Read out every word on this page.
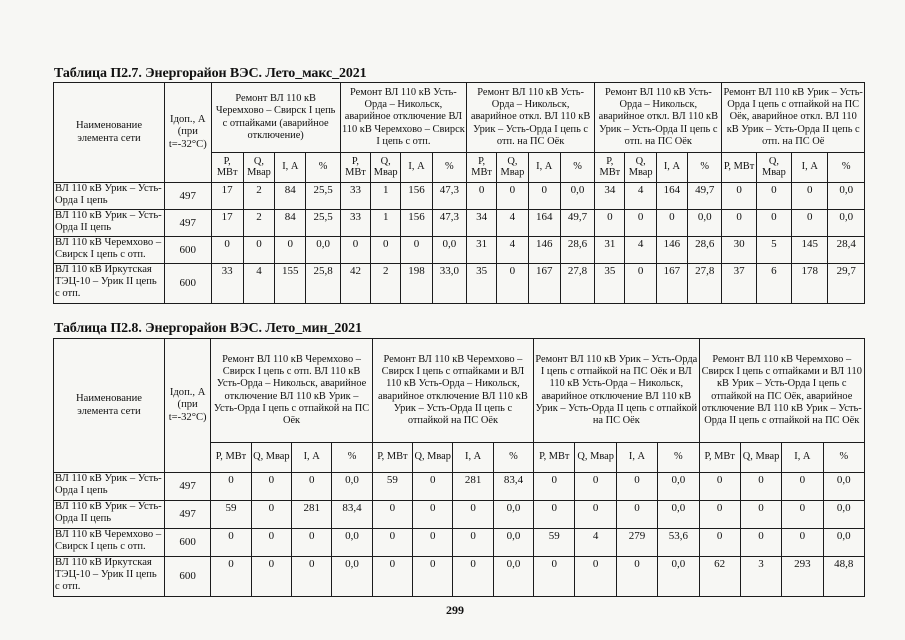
Таблица П2.7. Энергорайон ВЭС. Лето_макс_2021
Наименование элемента сети	Iдоп., А (при t=-32°С)	Ремонт ВЛ 110 кВ Черемхово – Свирск I цепь с отпайками (аварийное отключение)				Ремонт ВЛ 110 кВ Усть-Орда – Никольск, аварийное отключение ВЛ 110 кВ Черемхово – Свирск I цепь с отп.				Ремонт ВЛ 110 кВ Усть-Орда – Никольск, аварийное откл. ВЛ 110 кВ Урик – Усть-Орда I цепь с отп. на ПС Оёк				Ремонт ВЛ 110 кВ Усть-Орда – Никольск, аварийное откл. ВЛ 110 кВ Урик – Усть-Орда II цепь с отп. на ПС Оёк				Ремонт ВЛ 110 кВ Урик – Усть-Орда I цепь с отпайкой на ПС Оёк, аварийное откл. ВЛ 110 кВ Урик – Усть-Орда II цепь с отп. на ПС Оё			
		Р, МВт	Q, Мвар	I, А	%	Р, МВт	Q, Мвар	I, А	%	Р, МВт	Q, Мвар	I, А	%	Р, МВт	Q, Мвар	I, А	%	Р, МВт	Q, Мвар	I, А	%
ВЛ 110 кВ Урик – Усть-Орда I цепь	497	17	2	84	25,5	33	1	156	47,3	0	0	0	0,0	34	4	164	49,7	0	0	0	0,0
ВЛ 110 кВ Урик – Усть-Орда II цепь	497	17	2	84	25,5	33	1	156	47,3	34	4	164	49,7	0	0	0	0,0	0	0	0	0,0
ВЛ 110 кВ Черемхово – Свирск I цепь с отп.	600	0	0	0	0,0	0	0	0	0,0	31	4	146	28,6	31	4	146	28,6	30	5	145	28,4
ВЛ 110 кВ Иркутская ТЭЦ-10 – Урик II цепь с отп.	600	33	4	155	25,8	42	2	198	33,0	35	0	167	27,8	35	0	167	27,8	37	6	178	29,7
Таблица П2.8. Энергорайон ВЭС. Лето_мин_2021
Наименование элемента сети	Iдоп., А (при t=-32°С)	Ремонт ВЛ 110 кВ Черемхово – Свирск I цепь с отп. ВЛ 110 кВ Усть-Орда – Никольск, аварийное отключение ВЛ 110 кВ Урик – Усть-Орда I цепь с отпайкой на ПС Оёк				Ремонт ВЛ 110 кВ Черемхово – Свирск I цепь с отпайками и ВЛ 110 кВ Усть-Орда – Никольск, аварийное отключение ВЛ 110 кВ Урик – Усть-Орда II цепь с отпайкой на ПС Оёк				Ремонт ВЛ 110 кВ Урик – Усть-Орда I цепь с отпайкой на ПС Оёк и ВЛ 110 кВ Усть-Орда – Никольск, аварийное отключение ВЛ 110 кВ Урик – Усть-Орда II цепь с отпайкой на ПС Оёк				Ремонт ВЛ 110 кВ Черемхово – Свирск I цепь с отпайками и ВЛ 110 кВ Урик – Усть-Орда I цепь с отпайкой на ПС Оёк, аварийное отключение ВЛ 110 кВ Урик – Усть-Орда II цепь с отпайкой на ПС Оёк			
		Р, МВт	Q, Мвар	I, А	%	Р, МВт	Q, Мвар	I, А	%	Р, МВт	Q, Мвар	I, А	%	Р, МВт	Q, Мвар	I, А	%
ВЛ 110 кВ Урик – Усть-Орда I цепь	497	0	0	0	0,0	59	0	281	83,4	0	0	0	0,0	0	0	0	0,0
ВЛ 110 кВ Урик – Усть-Орда II цепь	497	59	0	281	83,4	0	0	0	0,0	0	0	0	0,0	0	0	0	0,0
ВЛ 110 кВ Черемхово – Свирск I цепь с отп.	600	0	0	0	0,0	0	0	0	0,0	59	4	279	53,6	0	0	0	0,0
ВЛ 110 кВ Иркутская ТЭЦ-10 – Урик II цепь с отп.	600	0	0	0	0,0	0	0	0	0,0	0	0	0	0,0	62	3	293	48,8
299
